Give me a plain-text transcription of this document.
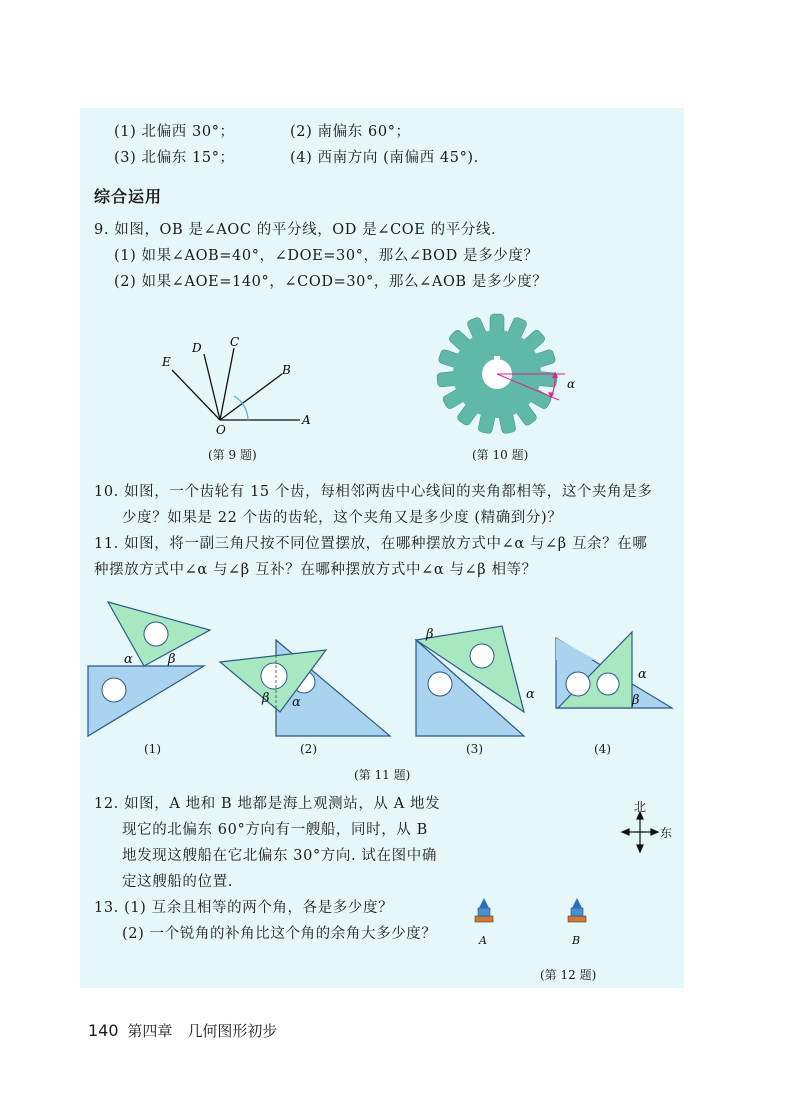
(1) 北偏西 30°；	(2) 南偏东 60°；
(3) 北偏东 15°；	(4) 西南方向 (南偏西 45°).
综合运用
9. 如图，OB 是∠AOC 的平分线，OD 是∠COE 的平分线.
(1) 如果∠AOB=40°，∠DOE=30°，那么∠BOD 是多少度？
(2) 如果∠AOE=140°，∠COD=30°，那么∠AOB 是多少度？
E
D C
B
O
A
(第 9 题)
α
(第 10 题)
10. 如图，一个齿轮有 15 个齿，每相邻两齿中心线间的夹角都相等，这个夹角是多
少度？如果是 22 个齿的齿轮，这个夹角又是多少度 (精确到分)？
11. 如图，将一副三角尺按不同位置摆放，在哪种摆放方式中∠α 与∠β 互余？在哪
种摆放方式中∠α 与∠β 互补？在哪种摆放方式中∠α 与∠β 相等？
α	β
β α
β
α
α
β
(1)	(2)	(3)	(4)
(第 11 题)
12. 如图，A 地和 B 地都是海上观测站，从 A 地发
现它的北偏东 60°方向有一艘船，同时，从 B
地发现这艘船在它北偏东 30°方向. 试在图中确
定这艘船的位置.
北
东
13. (1) 互余且相等的两个角，各是多少度？
(2) 一个锐角的补角比这个角的余角大多少度？	A	B
(第 12 题)
140 第四章　几何图形初步
